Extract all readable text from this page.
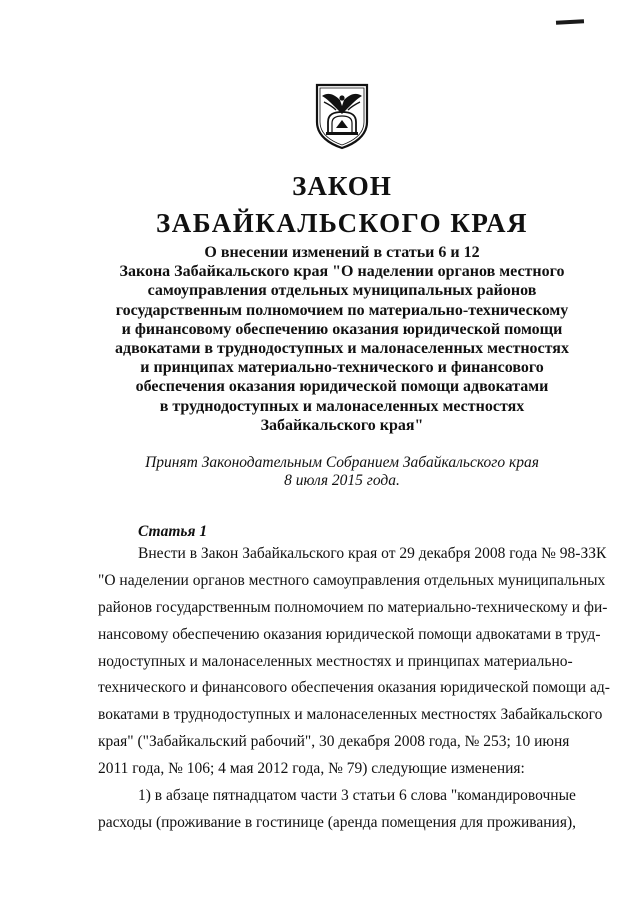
ЗАКОН
ЗАБАЙКАЛЬСКОГО КРАЯ
О внесении изменений в статьи 6 и 12
Закона Забайкальского края "О наделении органов местного
самоуправления отдельных муниципальных районов
государственным полномочием по материально-техническому
и финансовому обеспечению оказания юридической помощи
адвокатами в труднодоступных и малонаселенных местностях
и принципах материально-технического и финансового
обеспечения оказания юридической помощи адвокатами
в труднодоступных и малонаселенных местностях
Забайкальского края"
Принят Законодательным Собранием Забайкальского края
8 июля 2015 года.
Статья 1
Внести в Закон Забайкальского края от 29 декабря 2008 года № 98-ЗЗК
"О наделении органов местного самоуправления отдельных муниципальных
районов государственным полномочием по материально-техническому и фи-
нансовому обеспечению оказания юридической помощи адвокатами в труд-
нодоступных и малонаселенных местностях и принципах материально-
технического и финансового обеспечения оказания юридической помощи ад-
вокатами в труднодоступных и малонаселенных местностях Забайкальского
края" ("Забайкальский рабочий", 30 декабря 2008 года, № 253; 10 июня
2011 года, № 106; 4 мая 2012 года, № 79) следующие изменения:
1) в абзаце пятнадцатом части 3 статьи 6 слова "командировочные
расходы (проживание в гостинице (аренда помещения для проживания),
